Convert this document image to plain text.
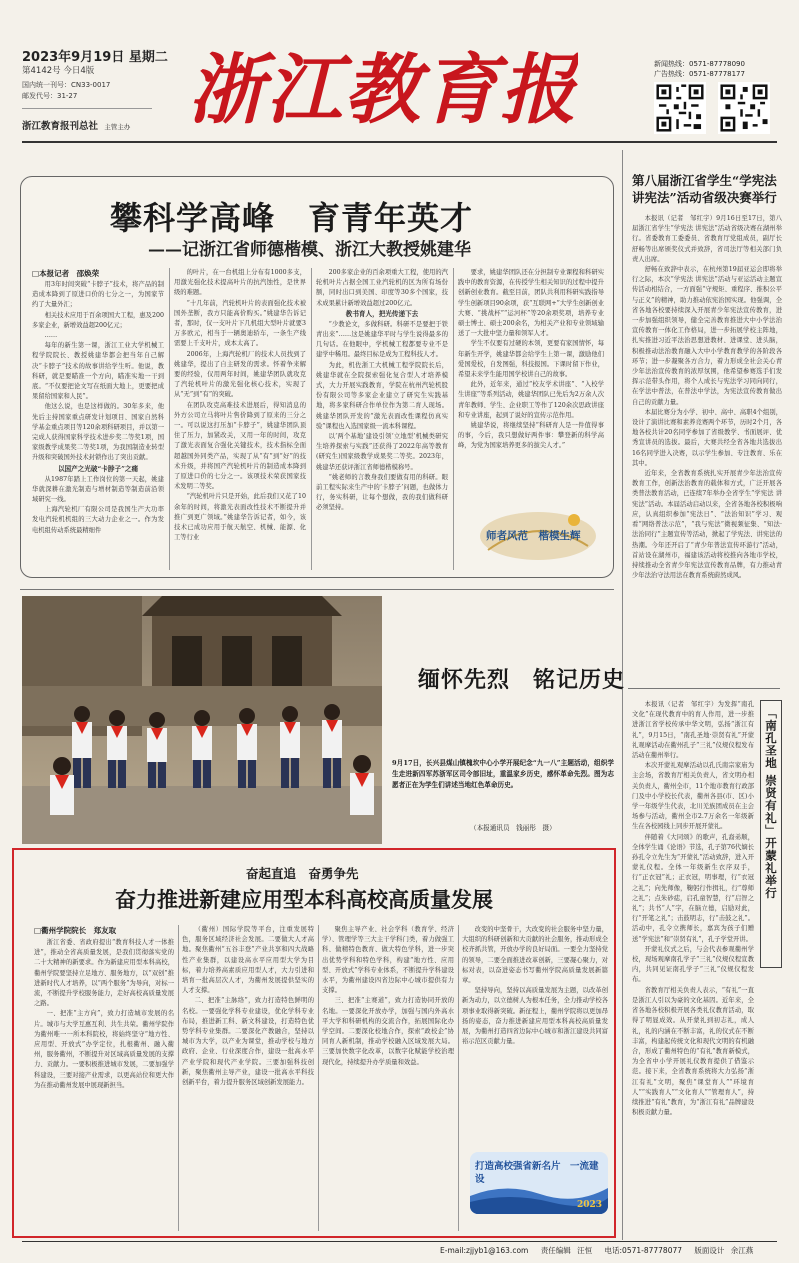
2023年9月19日 星期二
第4142号 今日4版
国内统一刊号：CN33-0017
邮发代号：31-27
浙江教育报刊总社 主管主办 浙江教育报	新闻热线：0571-87778090
广告热线：0571-87778177
攀科学高峰　育青年英才
——记浙江省师德楷模、浙江大教授姚建华
□本报记者　邵焕荣

用3年时间突破“卡脖子”技术，将产品的制造成本降到了原进口价的七分之一，为国家节约了大量外汇；

相关技术应用于百余项国大工程，惠及200多家企业，新增效益超200亿元；

……

每年的新生第一课，浙江工业大学机械工程学院院长、教授姚建华都会把当年自己解决“卡脖子”技术的故事讲给学生听。他说，教科研，就是要瞄准一个方向，瞄准实地一干到底。“不仅要把论文写在纸面大地上，更要把成果留给国家和人民”。

他这么说，也是这样做的。30年多来，他先后主持国家重点研发计划项目、国家自然科学基金重点项目等120余项科研项目，并以第一完成人获得国家科学技术进步奖二等奖1项，国家级教学成果奖二等奖1项，为我国制造业转型升级和突破国外技术封锁作出了突出贡献。

以国产之光破“卡脖子”之痛

从1987年踏上工作岗位的第一天起，姚建华就深耕在激光制造与增材制造等制造前沿领域研究一线。

上海汽轮机厂有限公司是我国生产大功率发电汽轮机机组的三大动力企业之一。作为发电机组传动系统最精细件

的叶片，在一台机组上分布有1000多支，用激光强化技术提高叶片的抗汽蚀性，是世界级的难题。

“十几年前，汽轮机叶片的表面强化技术被国外垄断，我方只能高价购买。”姚建华告诉记者，那时，仅一支叶片下几机组大型叶片就要3万多欧元，相当于一辆奥迪轿车，一条生产线需要上千支叶片，成本太高了。

2006年，上海汽轮机厂的技术人员找到了姚建华，提出了自主研发的需求。怀着争来解要的经验，仅用两年时间，姚建华团队就攻克了汽轮机叶片的激光强化核心技术，实现了从“无”到“有”的突破。

在团队攻克高难技术进展后，得知消息的外方公司立马将叶片售价降到了原来的三分之一。可以说这打压加“卡脖子”，姚建华团队顶住了压力，加紧改关，又用一年的时间，攻克了激光表面复合强化关键技术，技术指标全面超越国外同类产品，实现了从“有”到“好”的技术升级，并将国产汽轮机叶片的制造成本降到了原进口价的七分之一。该项技术荣获国家技术发明二等奖。

“汽轮机叶片只是开始，此后我们又花了10余年的时间，将激光表面改性技术不断提升并推广到更广领域。”姚建华告诉记者，如今，该技术已成功应用于航天航空、机械、能源、化工等行业

200多家企业的百余项重大工程，使用的汽轮机叶片占据全国工业汽轮机的区为所有场份额，同时出口到美国、印度等30多个国家，技术成果累计新增效益超过200亿元。

教书育人，把光传递下去

“少教论文，多做科研。科研不是要把于铁青出来”……这是姚建华平时与学生说得最多的几句话。在他眼中，学机械工程都要专业不是建学中稀用。最终目标是成为工程科技人才。

为此，机佐浙工大机械工程学院院长后，姚建华就在全院探索强化复合型人才培养模式，大力开展实践教育，学院在杭州汽轮机股份有限公司等多家企业建立了研究生实践基地，将多家科研合作单位作为第二育人现场。姚建华团队开发的“激光表面改性课程仿真实验”课程也入选国家级一流本科课程。

以‘两个基地’建设引领‘立地型’机械类研究生培养探索与实践”还获得了2022年高等教育(研究生)国家级教学成果奖二等奖。2023年，姚建华还获评浙江省师德楷模称号。

“姚老师的言教身我们要做有用的科研。眼前工程实际来生产中的‘卡脖子’问题，也做体力行，务实科研，让每个想做，我的我们做科研必须坚持。

要求，姚建华团队还在分担制专业课程和科研实践中的教育资源，在传授学生相关知识的过程中提升创新创业教育。截至目前，团队共利用科研实践指导学生创新项目90余项，获“互联网+”大学生创新创业大赛、“挑战杯”“运河杯”等20余项奖项，培养专业硕士博士、硕士200余名，为相关产业和专业领域输送了一大批中坚力量和领军人才。

学生不仅要有过硬的本领，更要有家国情怀，每年新生开学，姚建华都会给学生上第一课，激励他们爱国爱校，自发图强，科技报国。下课时留下作业，希望未来学生能用国学校讲自己的故事。

此外，近年来，通过“校友学术讲座”、“入校学生讲座”等系列活动，姚建华团队已先后为2万余人次青年教师、学生、企业职工等作了120余次思政讲座和专业讲座，起到了说好的宣传示范作用。

姚建华说，将继续坚持“科研育人是一件值得事的事，今后，我只想做好两件事：攀登新的科学高峰，为党为国家培养更多的拔尖人才。”

师者风范　楷模生辉
第八届浙江省学生“学宪法 讲宪法”活动省级决赛举行

本报讯（记者　邹红宇）9月16日至17日，第八届浙江省学生“学宪法 讲宪法”活动省级决赛在湖州举行。省委教育工委委员、省教育厅党组成员，副厅长舒畅等出席颁奖仪式并致辞，省司法厅等相关部门负责人出席。

舒畅在致辞中表示，在杭州第19届亚运会即将举行之际，本次“学宪法 讲宪法”活动与亚运活动主题宣传活动相结合，一方面强“守规矩、重程序、推积公平与正义”的精神，助力推动依宪治国实现。他强调，全省各地各校要持续深入开展青少年宪法宣传教育，进一步加强组织领导，健全完善教育推进大中小学法治宣传教育一体化工作格局，进一步拓展学校主阵地，扎实推进习近平法治思想进教材、进课堂、进头脑，积极推动法治教育融入大中小学教育教学的各阶段各环节；进一步凝聚各方合力，着力形成全社会关心青少年法治宣传教育的浓厚氛围，他希望参赛选手们发挥示范带头作用，将个人成长与宪法学习同向同行，在学法中普法，在普法中学法，为宪法宣传教育做出自己的贡献力量。

本届比赛分为小学、初中、高中、高职4个组别，设计了演讲比赛和素养竞赛两个环节，历时2个月，各地各校共计20名同学参加了省级教学、书面展评、优秀宣讲员的选拔。最后，大赛共经全省各地共选拔出16名同学进入决赛，以示学生参加、专注教育、乐在其中。

近年来，全省教育系统扎实开展青少年法治宣传教育工作，创新法治教育的载体和方式，广泛开展各类普法教育活动，已连续7年举办全省学生“学宪法 讲宪法”活动。本届活动启动以来，全省各地各校积极响应，认真组织参加“宪法日”、“法治知识”学习、观看“网络普法示范”，“我与宪法”微视频征集、“知法·法治同行”主题宣传等活动，掀起了学宪法、讲宪法的热潮。今年还开启了“青少年普法宣传环游行”活动，首站设在湖州市，福建该活动将校推向各地市学校，持续推动全省青少年宪法宣传教育品牌，有力推动青少年法治守法用法在教育系统蔚然成风。

缅怀先烈　铭记历史
9月17日，长兴县煤山镇槐坎中心小学开展纪念“九一八”主题活动，组织学生走进新四军苏浙军区司令部旧址，重温家乡历史，感怀革命先烈。图为志愿者正在为学生们讲述当地红色革命历史。
（本报通讯员　钱丽彤　摄）	「南孔圣地 崇贤有礼」开蒙礼举行

本报讯（记者　邹红宇）为发挥“南孔文化”在现代教育中的育人作用，进一步推进浙江省学校传承中华文明，弘扬“浙江有礼”，9月15日，“南孔圣地·崇贤有礼”开蒙礼观摩活动在衢州孔子“三礼”仪规仪程发布活动在衢州举行。

本次开蒙礼观摩活动以孔氏南宗家庙为主会场，省教育厅相关负责人，省文明办相关负责人，衢州全市，11个地市教育行政部门及中小学校长代表，衢州各县(市、区)小学一年级学生代表，北川羌族团成员在主会场参与活动，衢州全市2.7万余名一年级新生在各校园线上同步开展开蒙礼。

伴随着《大同颂》的歌声，孔裔弟顺，全体学生诵《论语》节选，孔子第76代嫡长孙孔令立先生为“开蒙礼”活动致辞，进入开蒙礼仪程。全体一年级新生衣序双手，行“正衣冠”礼；正衣冠，明事理，行“衣冠之礼”；向先师像，鞠躬行作揖礼，行“尊师之礼”；点朱砂痣，启孔童智慧，行“启智之礼”；共书“人”字，在脑立德，启励对此，行“开笔之礼”；击鼓明志，行“击鼓之礼”。活动中，孔令立携师长，嘉宾为孩子们赠送“学宪法”和“崇贤有礼”，孔子学堂开讲。

开蒙礼仪式之后，与会代表参观衢州学校，现场观摩南孔学子“三礼”仪规仪程宣教内，共同见证南孔学子“三礼”仪规仪程发布。

省教育厅相关负责人表示，“有礼”一直是浙江人引以为豪的文化基因。近年来，全省各地各校积极开展各类礼仪教育活动，取得了明显成效。从开蒙礼到初志礼，成人礼，礼的内涵在不断丰富，礼的仪式在不断丰富，构建起传统文化和现代文明的有机融合，形成了衢州特色的“有礼”教育新模式，为全省中小学开展礼仪教育提供了借鉴示范。接下来，全省教育系统将大力弘扬“浙江有礼”文明，聚焦“课堂育人”“环境育人”“实践育人”“文化育人”“管理育人”，持续推进“有礼”教育，为“浙江有礼”品牌建设积极贡献力量。

奋起直追　奋勇争先
奋力推进新建应用型本科高校高质量发展
□衢州学院院长　郑友取

浙江省委、省政府提出“教育科技人才一体推进”，推动全省高质量发展，是我们贯彻落实党的二十大精神的新要求。作为新建应用型本科高校，衢州学院要坚持立足地方、服务地方，以“双创”推进新时代人才培养，以“两个服务”为导向，对标一流，不断提升学校服务能力，走好高校高质量发展之路。

一、把准“主方向”，致力打造城市发展的名片。城市与大学互惠互利、共生共荣。衢州学院作为衢州唯一一所本科院校，将始终坚守“地方性、应用型、开放式”办学定位，扎根衢州、融入衢州，服务衢州，不断提升对区域高质量发展的支撑力、贡献力。一要积极推进城市发展，二要加强学科建设，三要对接产业需求，以更高站位和更大作为在推动衢州发展中展现新担当。

（衢州）国际学院等平台，注重发展特色，服务区域经济社会发展。二要做大人才高地。聚焦衢州“五谷丰登”产业共享和四大战略性产业集群，以建设高水平应用型大学为目标，着力培养高素质应用型人才，大力引进和培育一批高层次人才，为衢州发展提供坚实的人才支撑。

二、把准“主脉络”，致力打造特色鲜明的名校。一要强化学科专业建设，优化学科专业布局，推进新工科、新文科建设，打造特色优势学科专业集群。二要深化产教融合，坚持以城市为大学，以产业为课堂，推动学校与地方政府、企业、行业深度合作，建设一批高水平产业学院和现代产业学院。三要加强科技创新，聚焦衢州主导产业，建设一批高水平科技创新平台，着力提升服务区域创新发展能力。

聚焦主导产业、社会学科（教育学、经济学）、管理学等三大主干学科门类，着力做强工科、做精特色教育、做大特色学科，进一步突出优势学科和特色学科，构建“地方性、应用型、开放式”学科专业体系，不断提升学科建设水平，为衢州建设四省边际中心城市提供有力支撑。

三、把准“主赛道”，致力打造协同开放的名地。一要深化开放办学，加强与国内外高水平大学和科研机构的交流合作，拓展国际化办学空间。二要深化校地合作，探索“政校企”协同育人新机制，推动学校融入区域发展大局。三要加快数字化改革，以数字化赋能学校治理现代化，持续提升办学质量和效益。

改变的中坚骨干，大改变的社会服务中坚力量，大组织的科研创新和大贡献的社会服务，推动形成全校齐抓共管，开放办学的良好局面。一要全力坚持党的领导，二要全面推进改革创新，三要凝心聚力，对标对表，以奋进姿态书写衢州学院高质量发展新篇章。

坚持导向，坚持以高质量发展为主题，以改革创新为动力，以立德树人为根本任务，全力推动学校各项事业取得新突破。新征程上，衢州学院将以更加昂扬的姿态，奋力推进新建应用型本科高校高质量发展，为衢州打造四省边际中心城市和浙江建设共同富裕示范区贡献力量。

打造高校强省新名片　一流建设
2023
E-mail:zjjyb1@163.com 责任编辑 汪恒 电话:0571-87778077 版面设计 余江燕
